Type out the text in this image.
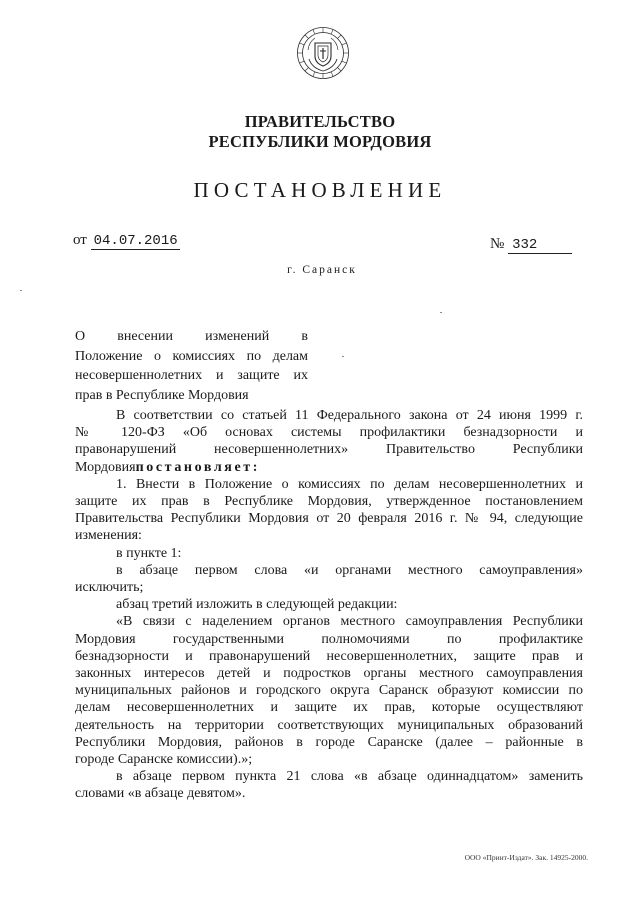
ПРАВИТЕЛЬСТВО
РЕСПУБЛИКИ МОРДОВИЯ
ПОСТАНОВЛЕНИЕ
от 04.07.2016	№ 332
г. Саранск
О внесении изменений в
Положение о комиссиях по делам
несовершеннолетних и защите их
прав в Республике Мордовия
В соответствии со статьей 11 Федерального закона от 24 июня 1999 г.
№ 120-ФЗ «Об основах системы профилактики безнадзорности и
правонарушений несовершеннолетних» Правительство Республики
Мордовияпостановляет:
1. Внести в Положение о комиссиях по делам несовершеннолетних и
защите их прав в Республике Мордовия, утвержденное постановлением
Правительства Республики Мордовия от 20 февраля 2016 г. № 94, следующие
изменения:
в пункте 1:
в абзаце первом слова «и органами местного самоуправления»
исключить;
абзац третий изложить в следующей редакции:
«В связи с наделением органов местного самоуправления Республики
Мордовия государственными полномочиями по профилактике
безнадзорности и правонарушений несовершеннолетних, защите прав и
законных интересов детей и подростков органы местного самоуправления
муниципальных районов и городского округа Саранск образуют комиссии по
делам несовершеннолетних и защите их прав, которые осуществляют
деятельность на территории соответствующих муниципальных образований
Республики Мордовия, районов в городе Саранске (далее – районные в
городе Саранске комиссии).»;
в абзаце первом пункта 21 слова «в абзаце одиннадцатом» заменить
словами «в абзаце девятом».
ООО «Принт-Издат». Зак. 14925-2000.
